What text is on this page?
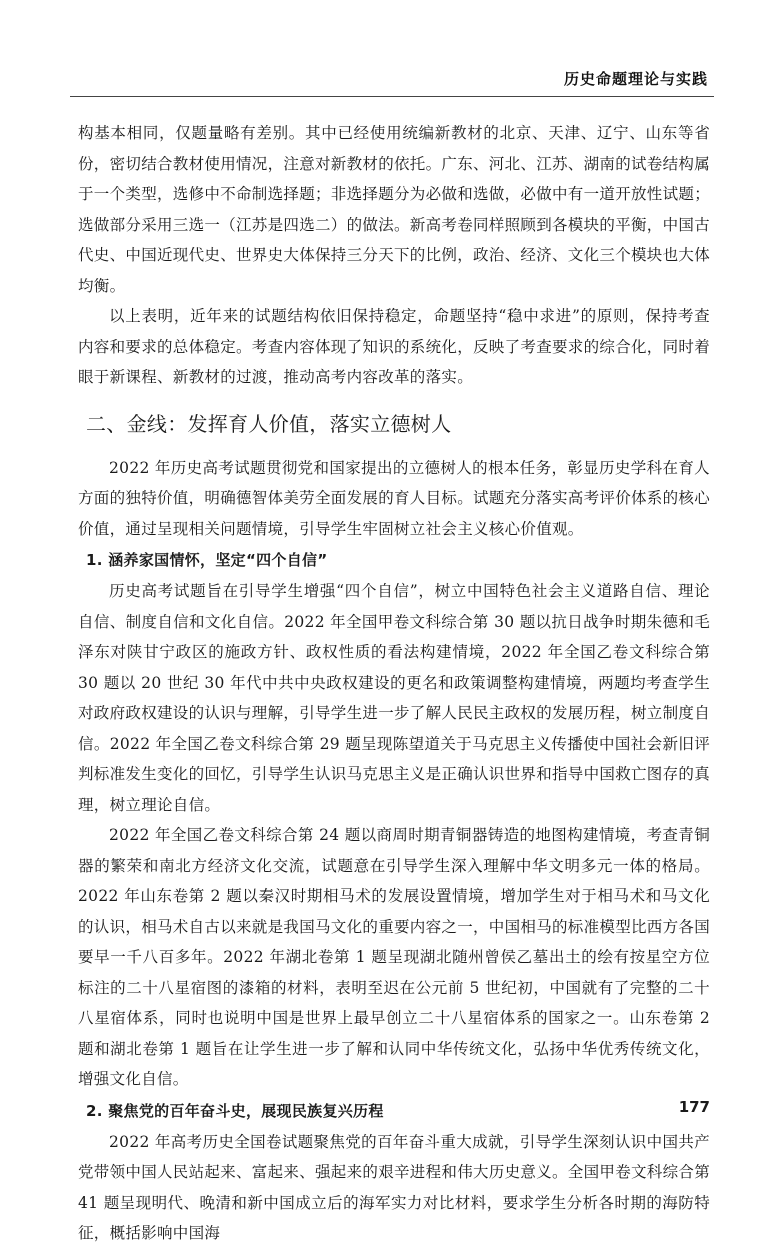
历史命题理论与实践

构基本相同，仅题量略有差别。其中已经使用统编新教材的北京、天津、辽宁、山东等省份，密切结合教材使用情况，注意对新教材的依托。广东、河北、江苏、湖南的试卷结构属于一个类型，选修中不命制选择题；非选择题分为必做和选做，必做中有一道开放性试题；选做部分采用三选一（江苏是四选二）的做法。新高考卷同样照顾到各模块的平衡，中国古代史、中国近现代史、世界史大体保持三分天下的比例，政治、经济、文化三个模块也大体均衡。

以上表明，近年来的试题结构依旧保持稳定，命题坚持“稳中求进”的原则，保持考查内容和要求的总体稳定。考查内容体现了知识的系统化，反映了考查要求的综合化，同时着眼于新课程、新教材的过渡，推动高考内容改革的落实。

二、金线：发挥育人价值，落实立德树人

2022 年历史高考试题贯彻党和国家提出的立德树人的根本任务，彰显历史学科在育人方面的独特价值，明确德智体美劳全面发展的育人目标。试题充分落实高考评价体系的核心价值，通过呈现相关问题情境，引导学生牢固树立社会主义核心价值观。

1. 涵养家国情怀，坚定“四个自信”

历史高考试题旨在引导学生增强“四个自信”，树立中国特色社会主义道路自信、理论自信、制度自信和文化自信。2022 年全国甲卷文科综合第 30 题以抗日战争时期朱德和毛泽东对陕甘宁政区的施政方针、政权性质的看法构建情境，2022 年全国乙卷文科综合第 30 题以 20 世纪 30 年代中共中央政权建设的更名和政策调整构建情境，两题均考查学生对政府政权建设的认识与理解，引导学生进一步了解人民民主政权的发展历程，树立制度自信。2022 年全国乙卷文科综合第 29 题呈现陈望道关于马克思主义传播使中国社会新旧评判标准发生变化的回忆，引导学生认识马克思主义是正确认识世界和指导中国救亡图存的真理，树立理论自信。

2022 年全国乙卷文科综合第 24 题以商周时期青铜器铸造的地图构建情境，考查青铜器的繁荣和南北方经济文化交流，试题意在引导学生深入理解中华文明多元一体的格局。2022 年山东卷第 2 题以秦汉时期相马术的发展设置情境，增加学生对于相马术和马文化的认识，相马术自古以来就是我国马文化的重要内容之一，中国相马的标准模型比西方各国要早一千八百多年。2022 年湖北卷第 1 题呈现湖北随州曾侯乙墓出土的绘有按星空方位标注的二十八星宿图的漆箱的材料，表明至迟在公元前 5 世纪初，中国就有了完整的二十八星宿体系，同时也说明中国是世界上最早创立二十八星宿体系的国家之一。山东卷第 2 题和湖北卷第 1 题旨在让学生进一步了解和认同中华传统文化，弘扬中华优秀传统文化，增强文化自信。

2. 聚焦党的百年奋斗史，展现民族复兴历程

2022 年高考历史全国卷试题聚焦党的百年奋斗重大成就，引导学生深刻认识中国共产党带领中国人民站起来、富起来、强起来的艰辛进程和伟大历史意义。全国甲卷文科综合第 41 题呈现明代、晚清和新中国成立后的海军实力对比材料，要求学生分析各时期的海防特征，概括影响中国海

177
